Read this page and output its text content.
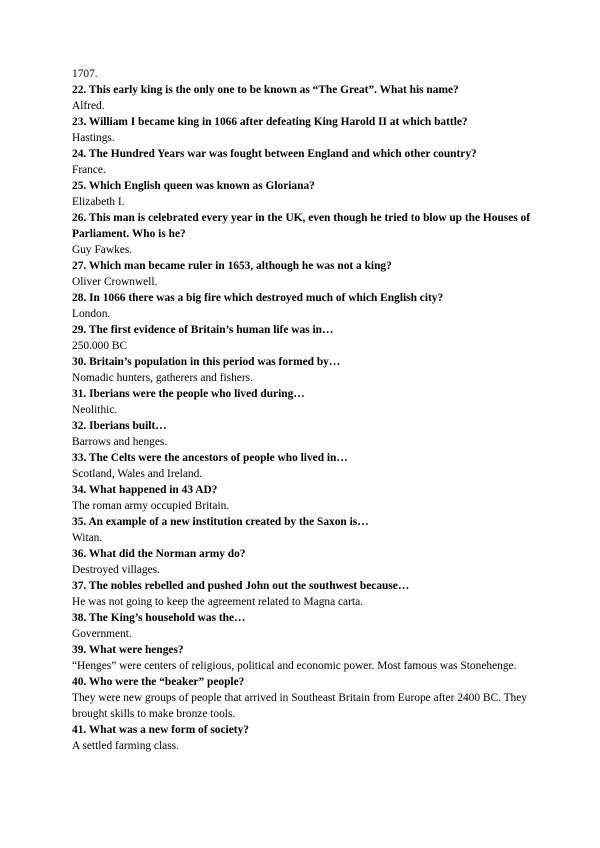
1707.

22. This early king is the only one to be known as “The Great”. What his name?

Alfred.

23. William I became king in 1066 after defeating King Harold II at which battle?

Hastings.

24. The Hundred Years war was fought between England and which other country?

France.

25. Which English queen was known as Gloriana?

Elizabeth I.

26. This man is celebrated every year in the UK, even though he tried to blow up the Houses of Parliament. Who is he?

Guy Fawkes.

27. Which man became ruler in 1653, although he was not a king?

Oliver Crownwell.

28. In 1066 there was a big fire which destroyed much of which English city?

London.

29. The first evidence of Britain’s human life was in…

250.000 BC

30. Britain’s population in this period was formed by…

Nomadic hunters, gatherers and fishers.

31. Iberians were the people who lived during…

Neolithic.

32. Iberians built…

Barrows and henges.

33. The Celts were the ancestors of people who lived in…

Scotland, Wales and Ireland.

34. What happened in 43 AD?

The roman army occupied Britain.

35. An example of a new institution created by the Saxon is…

Witan.

36. What did the Norman army do?

Destroyed villages.

37. The nobles rebelled and pushed John out the southwest because…

He was not going to keep the agreement related to Magna carta.

38. The King’s household was the…

Government.

39. What were henges?

“Henges” were centers of religious, political and economic power. Most famous was Stonehenge.

40. Who were the “beaker” people?

They were new groups of people that arrived in Southeast Britain from Europe after 2400 BC. They brought skills to make bronze tools.

41. What was a new form of society?

A settled farming class.
